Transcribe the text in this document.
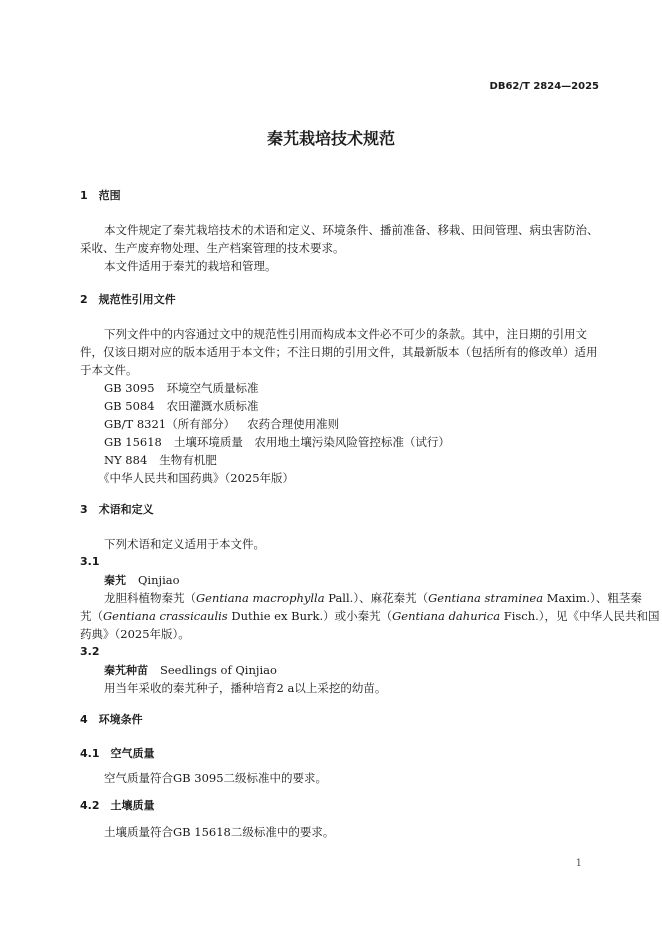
DB62/T 2824—2025
秦艽栽培技术规范
1　范围
本文件规定了秦艽栽培技术的术语和定义、环境条件、播前准备、移栽、田间管理、病虫害防治、
采收、生产废弃物处理、生产档案管理的技术要求。
本文件适用于秦艽的栽培和管理。
2　规范性引用文件
下列文件中的内容通过文中的规范性引用而构成本文件必不可少的条款。其中，注日期的引用文
件，仅该日期对应的版本适用于本文件；不注日期的引用文件，其最新版本（包括所有的修改单）适用
于本文件。
GB 3095 环境空气质量标准
GB 5084 农田灌溉水质标准
GB/T 8321（所有部分） 农药合理使用准则
GB 15618 土壤环境质量　农用地土壤污染风险管控标准（试行）
NY 884 生物有机肥
《中华人民共和国药典》（2025年版）
3　术语和定义
下列术语和定义适用于本文件。
3.1
秦艽 Qinjiao
龙胆科植物秦艽（Gentiana macrophylla Pall.）、麻花秦艽（Gentiana straminea Maxim.）、粗茎秦
艽（Gentiana crassicaulis Duthie ex Burk.）或小秦艽（Gentiana dahurica Fisch.），见《中华人民共和国
药典》（2025年版）。
3.2
秦艽种苗 Seedlings of Qinjiao
用当年采收的秦艽种子，播种培育2 a以上采挖的幼苗。
4　环境条件
4.1　空气质量
空气质量符合GB 3095二级标准中的要求。
4.2　土壤质量
土壤质量符合GB 15618二级标准中的要求。
1
